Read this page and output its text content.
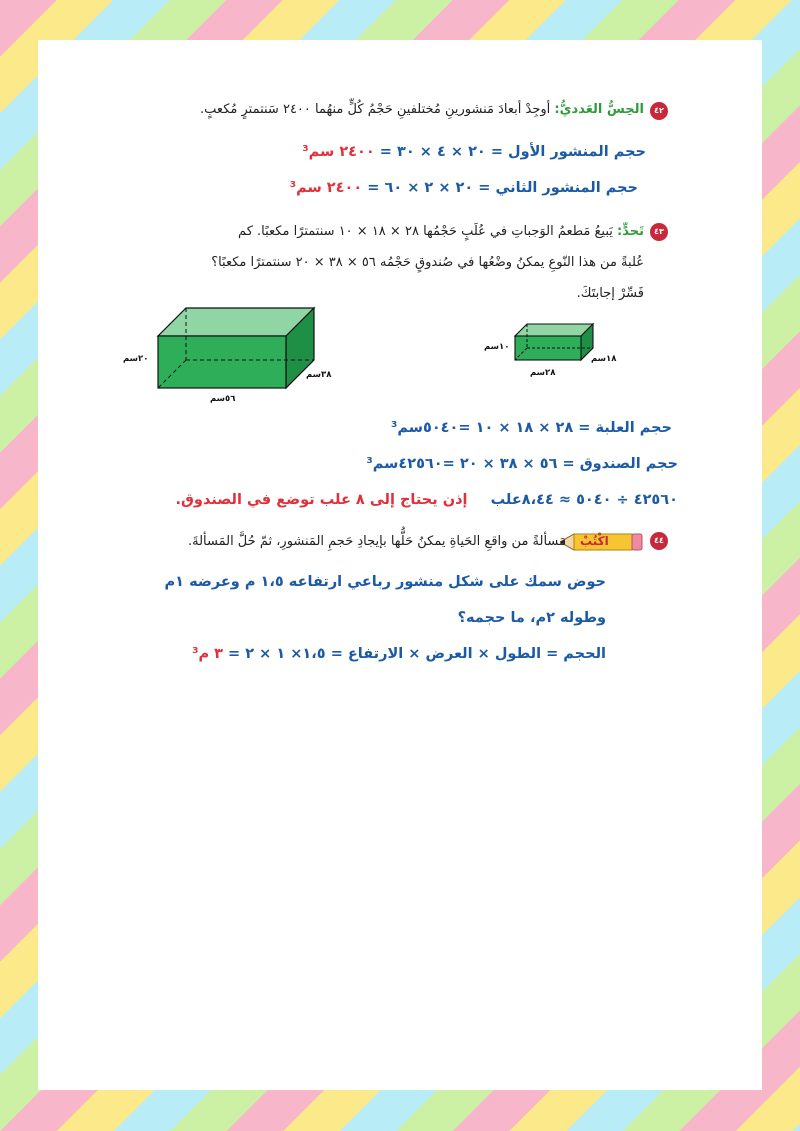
٤٢
الحِسُّ العَدديُّ: أوجِدْ أبعادَ مَنشورينِ مُختلفينِ حَجْمُ كُلٍّ منهُما ٢٤٠٠ سَنتمترٍ مُكعبٍ.
حجم المنشور الأول = ٢٠ × ٤ × ٣٠ = ٢٤٠٠ سم³
حجم المنشور الثاني = ٢٠ × ٢ × ٦٠ = ٢٤٠٠ سم³
٤٣
تَحدٍّ: يَبيعُ مَطعمُ الوَجباتِ في عُلَبٍ حَجْمُها ٢٨ × ١٨ × ١٠ سنتمترًا مكعبًا. كم
عُلبةً من هذا النّوعِ يمكنُ وضْعُها في صُندوقٍ حَجْمُه ٥٦ × ٣٨ × ٢٠ سنتمترًا مكعبًا؟
فَسِّرْ إجابتَكَ.
٢٠سم
٣٨سم
٥٦سم
١٠سم
١٨سم
٢٨سم
حجم العلبة = ٢٨ × ١٨ × ١٠ =٥٠٤٠سم³
حجم الصندوق = ٥٦ × ٣٨ × ٢٠ =٤٢٥٦٠سم³
٤٢٥٦٠ ÷ ٥٠٤٠ ≈ ٨،٤٤علب إذن يحتاج إلى ٨ علب توضع في الصندوق.
٤٤
اكْتُبْ
مَسألةً من واقعِ الحَياةِ يمكنُ حَلُّها بإيجادِ حَجمِ المَنشورِ، ثمّ حُلَّ المَسألةَ.
حوض سمك على شكل منشور رباعي ارتفاعه ١،٥ م وعرضه ١م
وطوله ٢م، ما حجمه؟
الحجم = الطول × العرض × الارتفاع = ١،٥× ١ × ٢ = ٣ م³
